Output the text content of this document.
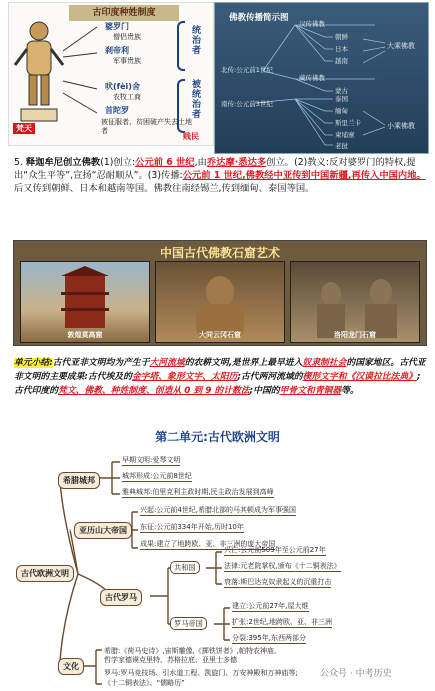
古印度种姓制度
梵天
婆罗门
僧侣贵族
刹帝利
军事贵族
吠(fèi)舍
农牧工商
首陀罗
被征服者、贫困破产失去土地者
统治者
被统治者
贱民
佛教传播简示图
北传:公元前1世纪
南传:公元前3世纪
汉传佛教
朝鲜
日本
越南
藏传佛教
蒙古
泰国
缅甸
斯里兰卡
柬埔寨
老挝
大乘佛教
小乘佛教
5. 释迦牟尼创立佛教(1)创立:公元前 6 世纪,由乔达摩·悉达多创立。(2)教义:反对婆罗门的特权,提出“众生平等”,宣扬“忍耐顺从”。(3)传播:公元前 1 世纪,佛教经中亚传到中国新疆,再传入中国内地。后又传到朝鲜、日本和越南等国。佛教往南经锡兰,传到缅甸、泰国等国。
中国古代佛教石窟艺术
敦煌莫高窟	大同云冈石窟	洛阳龙门石窟
单元小结:古代亚非文明均为产生于大河流域的农耕文明,是世界上最早进入奴隶制社会的国家地区。古代亚非文明的主要成果:古代埃及的金字塔、象形文字、太阳历;古代两河流域的楔形文字和《汉谟拉比法典》;古代印度的梵文、佛教、种姓制度、创造从 0 到 9 的计数法;中国的甲骨文和青铜器等。
第二单元:古代欧洲文明
古代欧洲文明
希腊城邦
早期文明:爱琴文明
城邦形成:公元前8世纪
雅典城邦:伯里克利主政时期,民主政治发展到高峰
亚历山大帝国
兴起:公元前4世纪,希腊北部的马其顿成为军事强国
东征:公元前334年开始,历时10年
成果:建立了地跨欧、亚、非三洲的庞大帝国
古代罗马
共和国
兴亡:公元前509年至公元前27年
法律:元老院掌权,颁布《十二铜表法》
衰落:斯巴达克奴隶起义的沉重打击
罗马帝国
建立:公元前27年,屋大维
扩张:2世纪,地跨欧、亚、非三洲
分裂:395年,东西两部分
文化
希腊:《荷马史诗》,宙斯雕像,《掷铁饼者》,帕特农神庙,
哲学家德谟克里特、苏格拉底、亚里士多德
罗马:罗马竞技场、引水道工程、凯旋门、万安神殿和万神庙等;
《十二铜表法》、“儒略历”
公众号 · 中考历史
